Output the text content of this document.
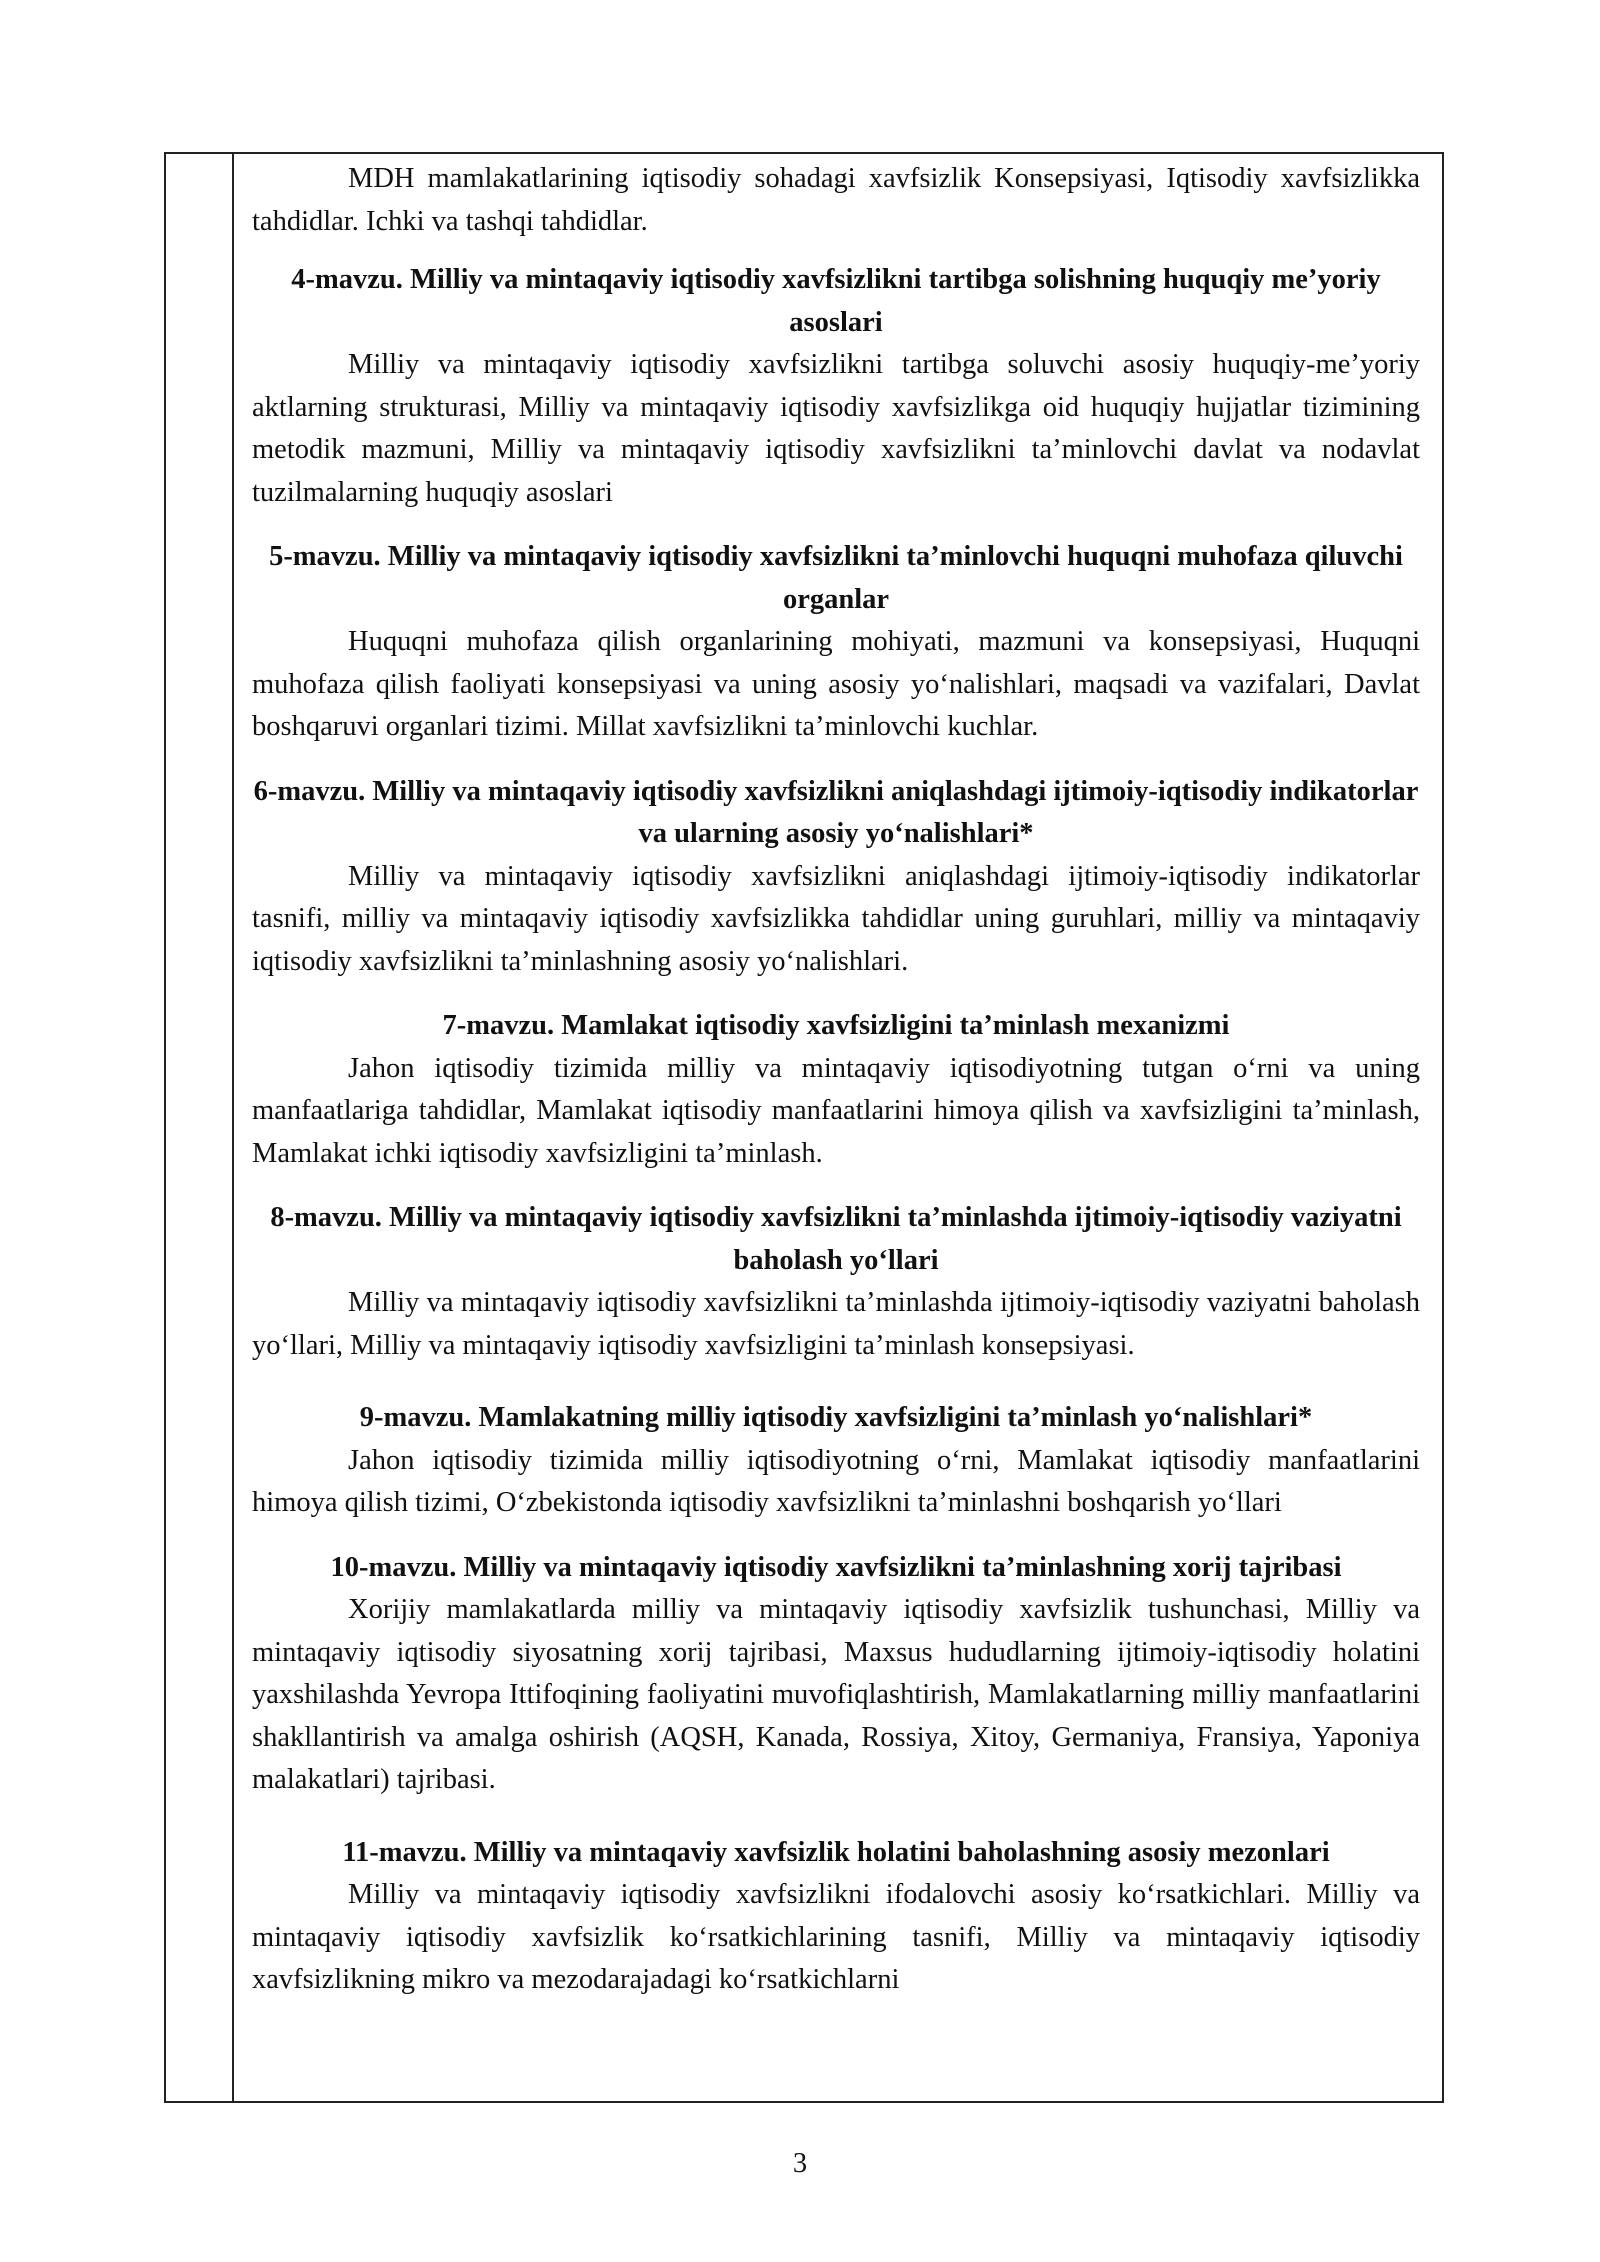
MDH mamlakatlarining iqtisodiy sohadagi xavfsizlik Konsepsiyasi, Iqtisodiy xavfsizlikka tahdidlar. Ichki va tashqi tahdidlar.

4-mavzu. Milliy va mintaqaviy iqtisodiy xavfsizlikni tartibga solishning huquqiy me’yoriy asoslari

Milliy va mintaqaviy iqtisodiy xavfsizlikni tartibga soluvchi asosiy huquqiy-me’yoriy aktlarning strukturasi, Milliy va mintaqaviy iqtisodiy xavfsizlikga oid huquqiy hujjatlar tizimining metodik mazmuni, Milliy va mintaqaviy iqtisodiy xavfsizlikni ta’minlovchi davlat va nodavlat tuzilmalarning huquqiy asoslari

5-mavzu. Milliy va mintaqaviy iqtisodiy xavfsizlikni ta’minlovchi huquqni muhofaza qiluvchi organlar

Huquqni muhofaza qilish organlarining mohiyati, mazmuni va konsepsiyasi, Huquqni muhofaza qilish faoliyati konsepsiyasi va uning asosiy yo‘nalishlari, maqsadi va vazifalari, Davlat boshqaruvi organlari tizimi. Millat xavfsizlikni ta’minlovchi kuchlar.

6-mavzu. Milliy va mintaqaviy iqtisodiy xavfsizlikni aniqlashdagi ijtimoiy-iqtisodiy indikatorlar va ularning asosiy yo‘nalishlari*

Milliy va mintaqaviy iqtisodiy xavfsizlikni aniqlashdagi ijtimoiy-iqtisodiy indikatorlar tasnifi, milliy va mintaqaviy iqtisodiy xavfsizlikka tahdidlar uning guruhlari, milliy va mintaqaviy iqtisodiy xavfsizlikni ta’minlashning asosiy yo‘nalishlari.

7-mavzu. Mamlakat iqtisodiy xavfsizligini ta’minlash mexanizmi

Jahon iqtisodiy tizimida milliy va mintaqaviy iqtisodiyotning tutgan o‘rni va uning manfaatlariga tahdidlar, Mamlakat iqtisodiy manfaatlarini himoya qilish va xavfsizligini ta’minlash, Mamlakat ichki iqtisodiy xavfsizligini ta’minlash.

8-mavzu. Milliy va mintaqaviy iqtisodiy xavfsizlikni ta’minlashda ijtimoiy-iqtisodiy vaziyatni baholash yo‘llari

Milliy va mintaqaviy iqtisodiy xavfsizlikni ta’minlashda ijtimoiy-iqtisodiy vaziyatni baholash yo‘llari, Milliy va mintaqaviy iqtisodiy xavfsizligini ta’minlash konsepsiyasi.

9-mavzu. Mamlakatning milliy iqtisodiy xavfsizligini ta’minlash yo‘nalishlari*

Jahon iqtisodiy tizimida milliy iqtisodiyotning o‘rni, Mamlakat iqtisodiy manfaatlarini himoya qilish tizimi, O‘zbekistonda iqtisodiy xavfsizlikni ta’minlashni boshqarish yo‘llari

10-mavzu. Milliy va mintaqaviy iqtisodiy xavfsizlikni ta’minlashning xorij tajribasi

Xorijiy mamlakatlarda milliy va mintaqaviy iqtisodiy xavfsizlik tushunchasi, Milliy va mintaqaviy iqtisodiy siyosatning xorij tajribasi, Maxsus hududlarning ijtimoiy-iqtisodiy holatini yaxshilashda Yevropa Ittifoqining faoliyatini muvofiqlashtirish, Mamlakatlarning milliy manfaatlarini shakllantirish va amalga oshirish (AQSH, Kanada, Rossiya, Xitoy, Germaniya, Fransiya, Yaponiya malakatlari) tajribasi.

11-mavzu. Milliy va mintaqaviy xavfsizlik holatini baholashning asosiy mezonlari

Milliy va mintaqaviy iqtisodiy xavfsizlikni ifodalovchi asosiy ko‘rsatkichlari. Milliy va mintaqaviy iqtisodiy xavfsizlik ko‘rsatkichlarining tasnifi, Milliy va mintaqaviy iqtisodiy xavfsizlikning mikro va mezodarajadagi ko‘rsatkichlarni

3
